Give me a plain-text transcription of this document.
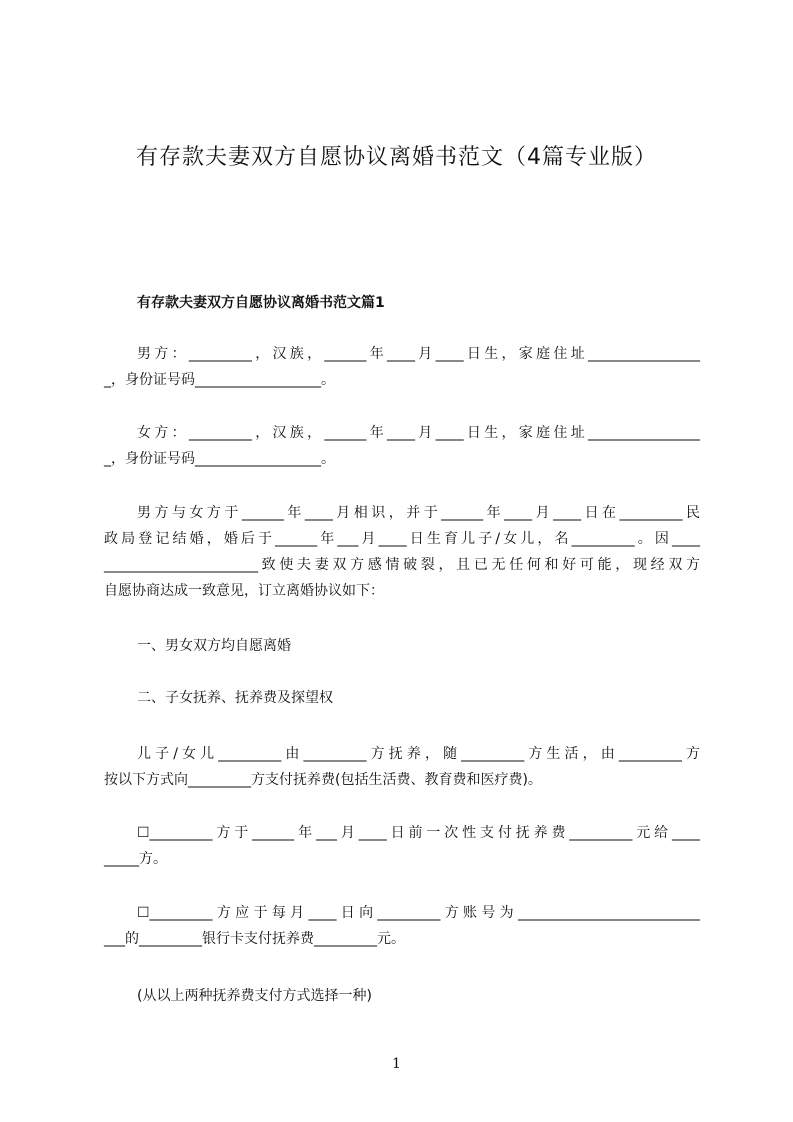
有存款夫妻双方自愿协议离婚书范文（4篇专业版）
有存款夫妻双方自愿协议离婚书范文篇1
男方：_________，汉族，______年____月____日生，家庭住址________________
_，身份证号码__________________。
女方：_________，汉族，______年____月____日生，家庭住址________________
_，身份证号码__________________。
男方与女方于______年____月相识，并于______年____月____日在_________民
政局登记结婚，婚后于______年___月____日生育儿子/女儿，名_________。因____
______________________致使夫妻双方感情破裂，且已无任何和好可能，现经双方
自愿协商达成一致意见，订立离婚协议如下：
一、男女双方均自愿离婚
二、子女抚养、抚养费及探望权
儿子/女儿_________由_________方抚养，随_________方生活，由_________方
按以下方式向_________方支付抚养费(包括生活费、教育费和医疗费)。
☐_________方于______年___月____日前一次性支付抚养费_________元给____
_____方。
☐_________方应于每月____日向_________方账号为__________________________
___的_________银行卡支付抚养费_________元。
(从以上两种抚养费支付方式选择一种)
1
